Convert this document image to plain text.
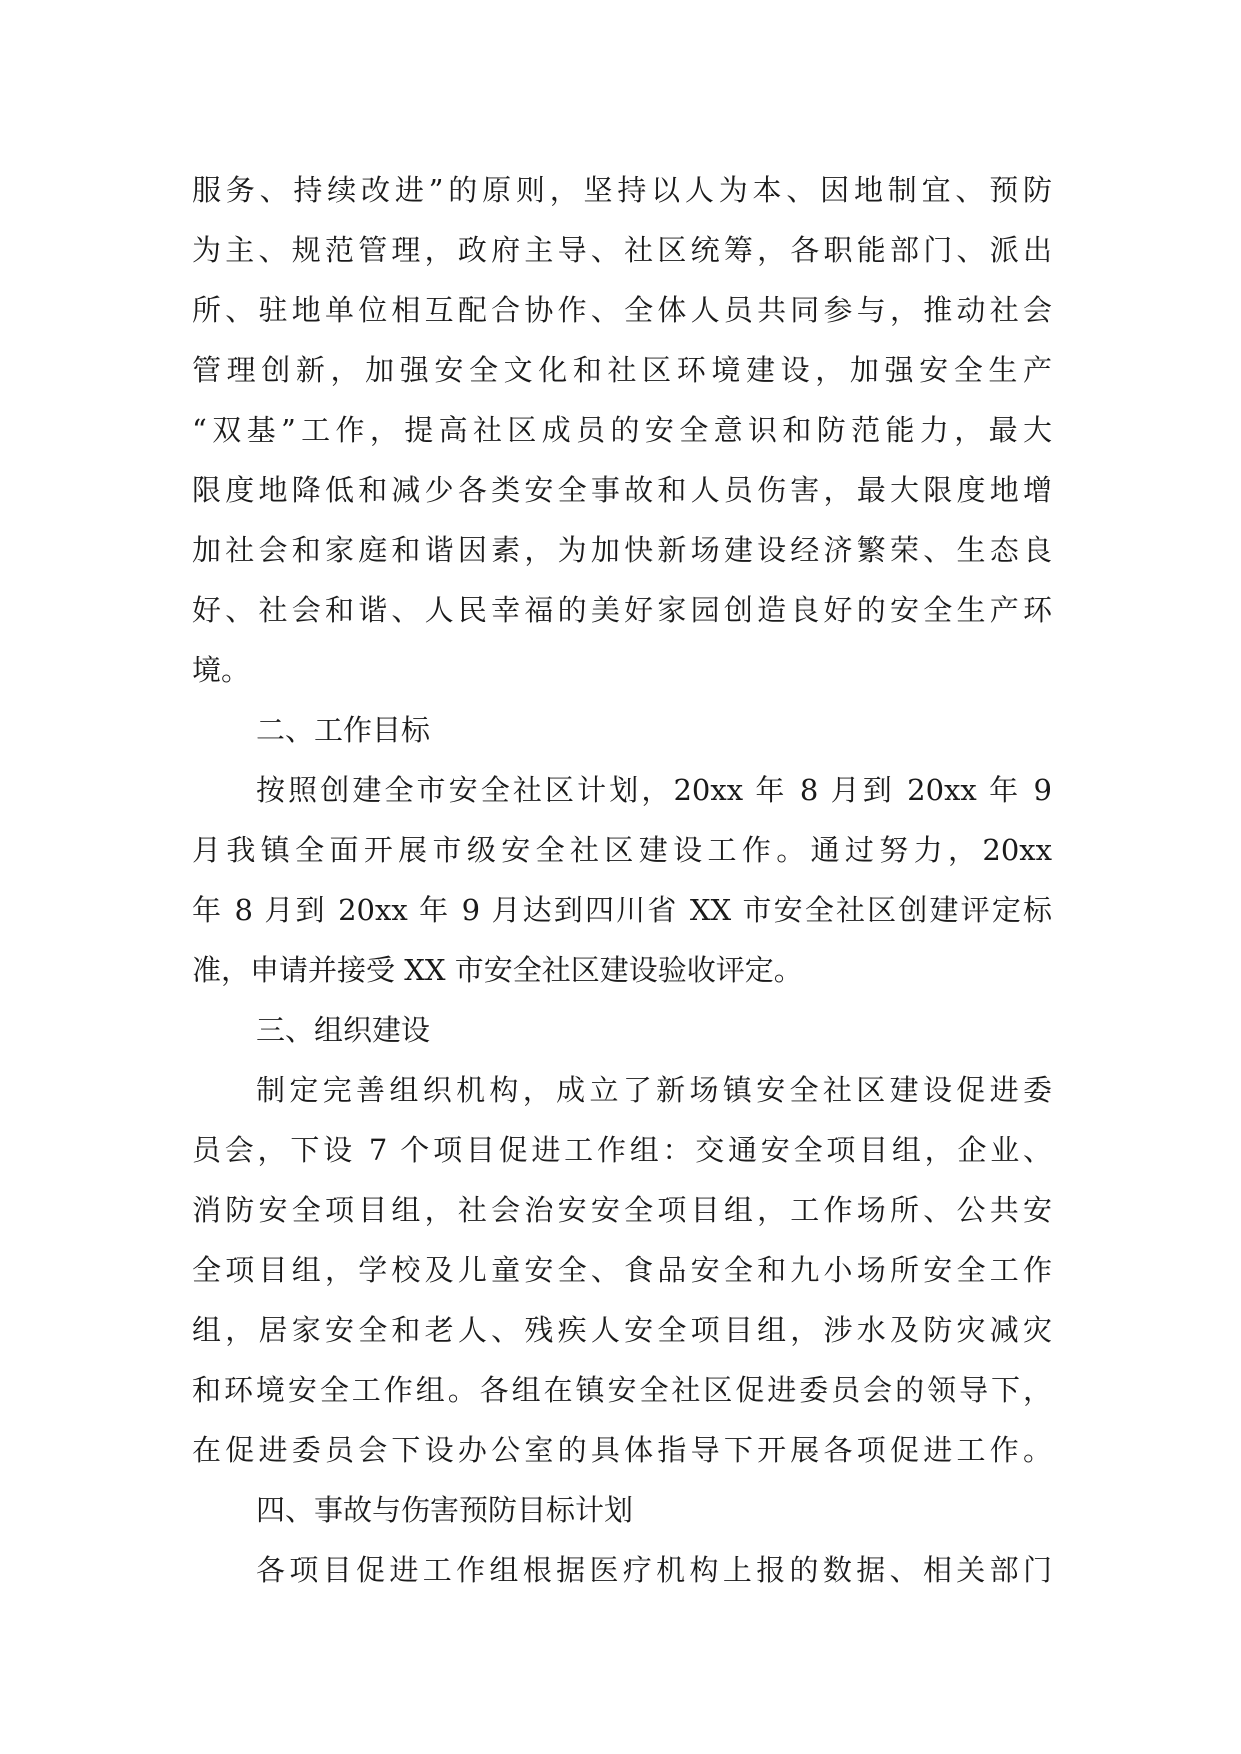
服务、持续改进”的原则，坚持以人为本、因地制宜、预防
为主、规范管理，政府主导、社区统筹，各职能部门、派出
所、驻地单位相互配合协作、全体人员共同参与，推动社会
管理创新，加强安全文化和社区环境建设，加强安全生产
“双基”工作，提高社区成员的安全意识和防范能力，最大
限度地降低和减少各类安全事故和人员伤害，最大限度地增
加社会和家庭和谐因素，为加快新场建设经济繁荣、生态良
好、社会和谐、人民幸福的美好家园创造良好的安全生产环
境。
二、工作目标
按照创建全市安全社区计划，20xx 年 8 月到 20xx 年 9
月我镇全面开展市级安全社区建设工作。通过努力，20xx
年 8 月到 20xx 年 9 月达到四川省 XX 市安全社区创建评定标
准，申请并接受 XX 市安全社区建设验收评定。
三、组织建设
制定完善组织机构，成立了新场镇安全社区建设促进委
员会，下设 7 个项目促进工作组：交通安全项目组，企业、
消防安全项目组，社会治安安全项目组，工作场所、公共安
全项目组，学校及儿童安全、食品安全和九小场所安全工作
组，居家安全和老人、残疾人安全项目组，涉水及防灾减灾
和环境安全工作组。各组在镇安全社区促进委员会的领导下，
在促进委员会下设办公室的具体指导下开展各项促进工作。
四、事故与伤害预防目标计划
各项目促进工作组根据医疗机构上报的数据、相关部门
